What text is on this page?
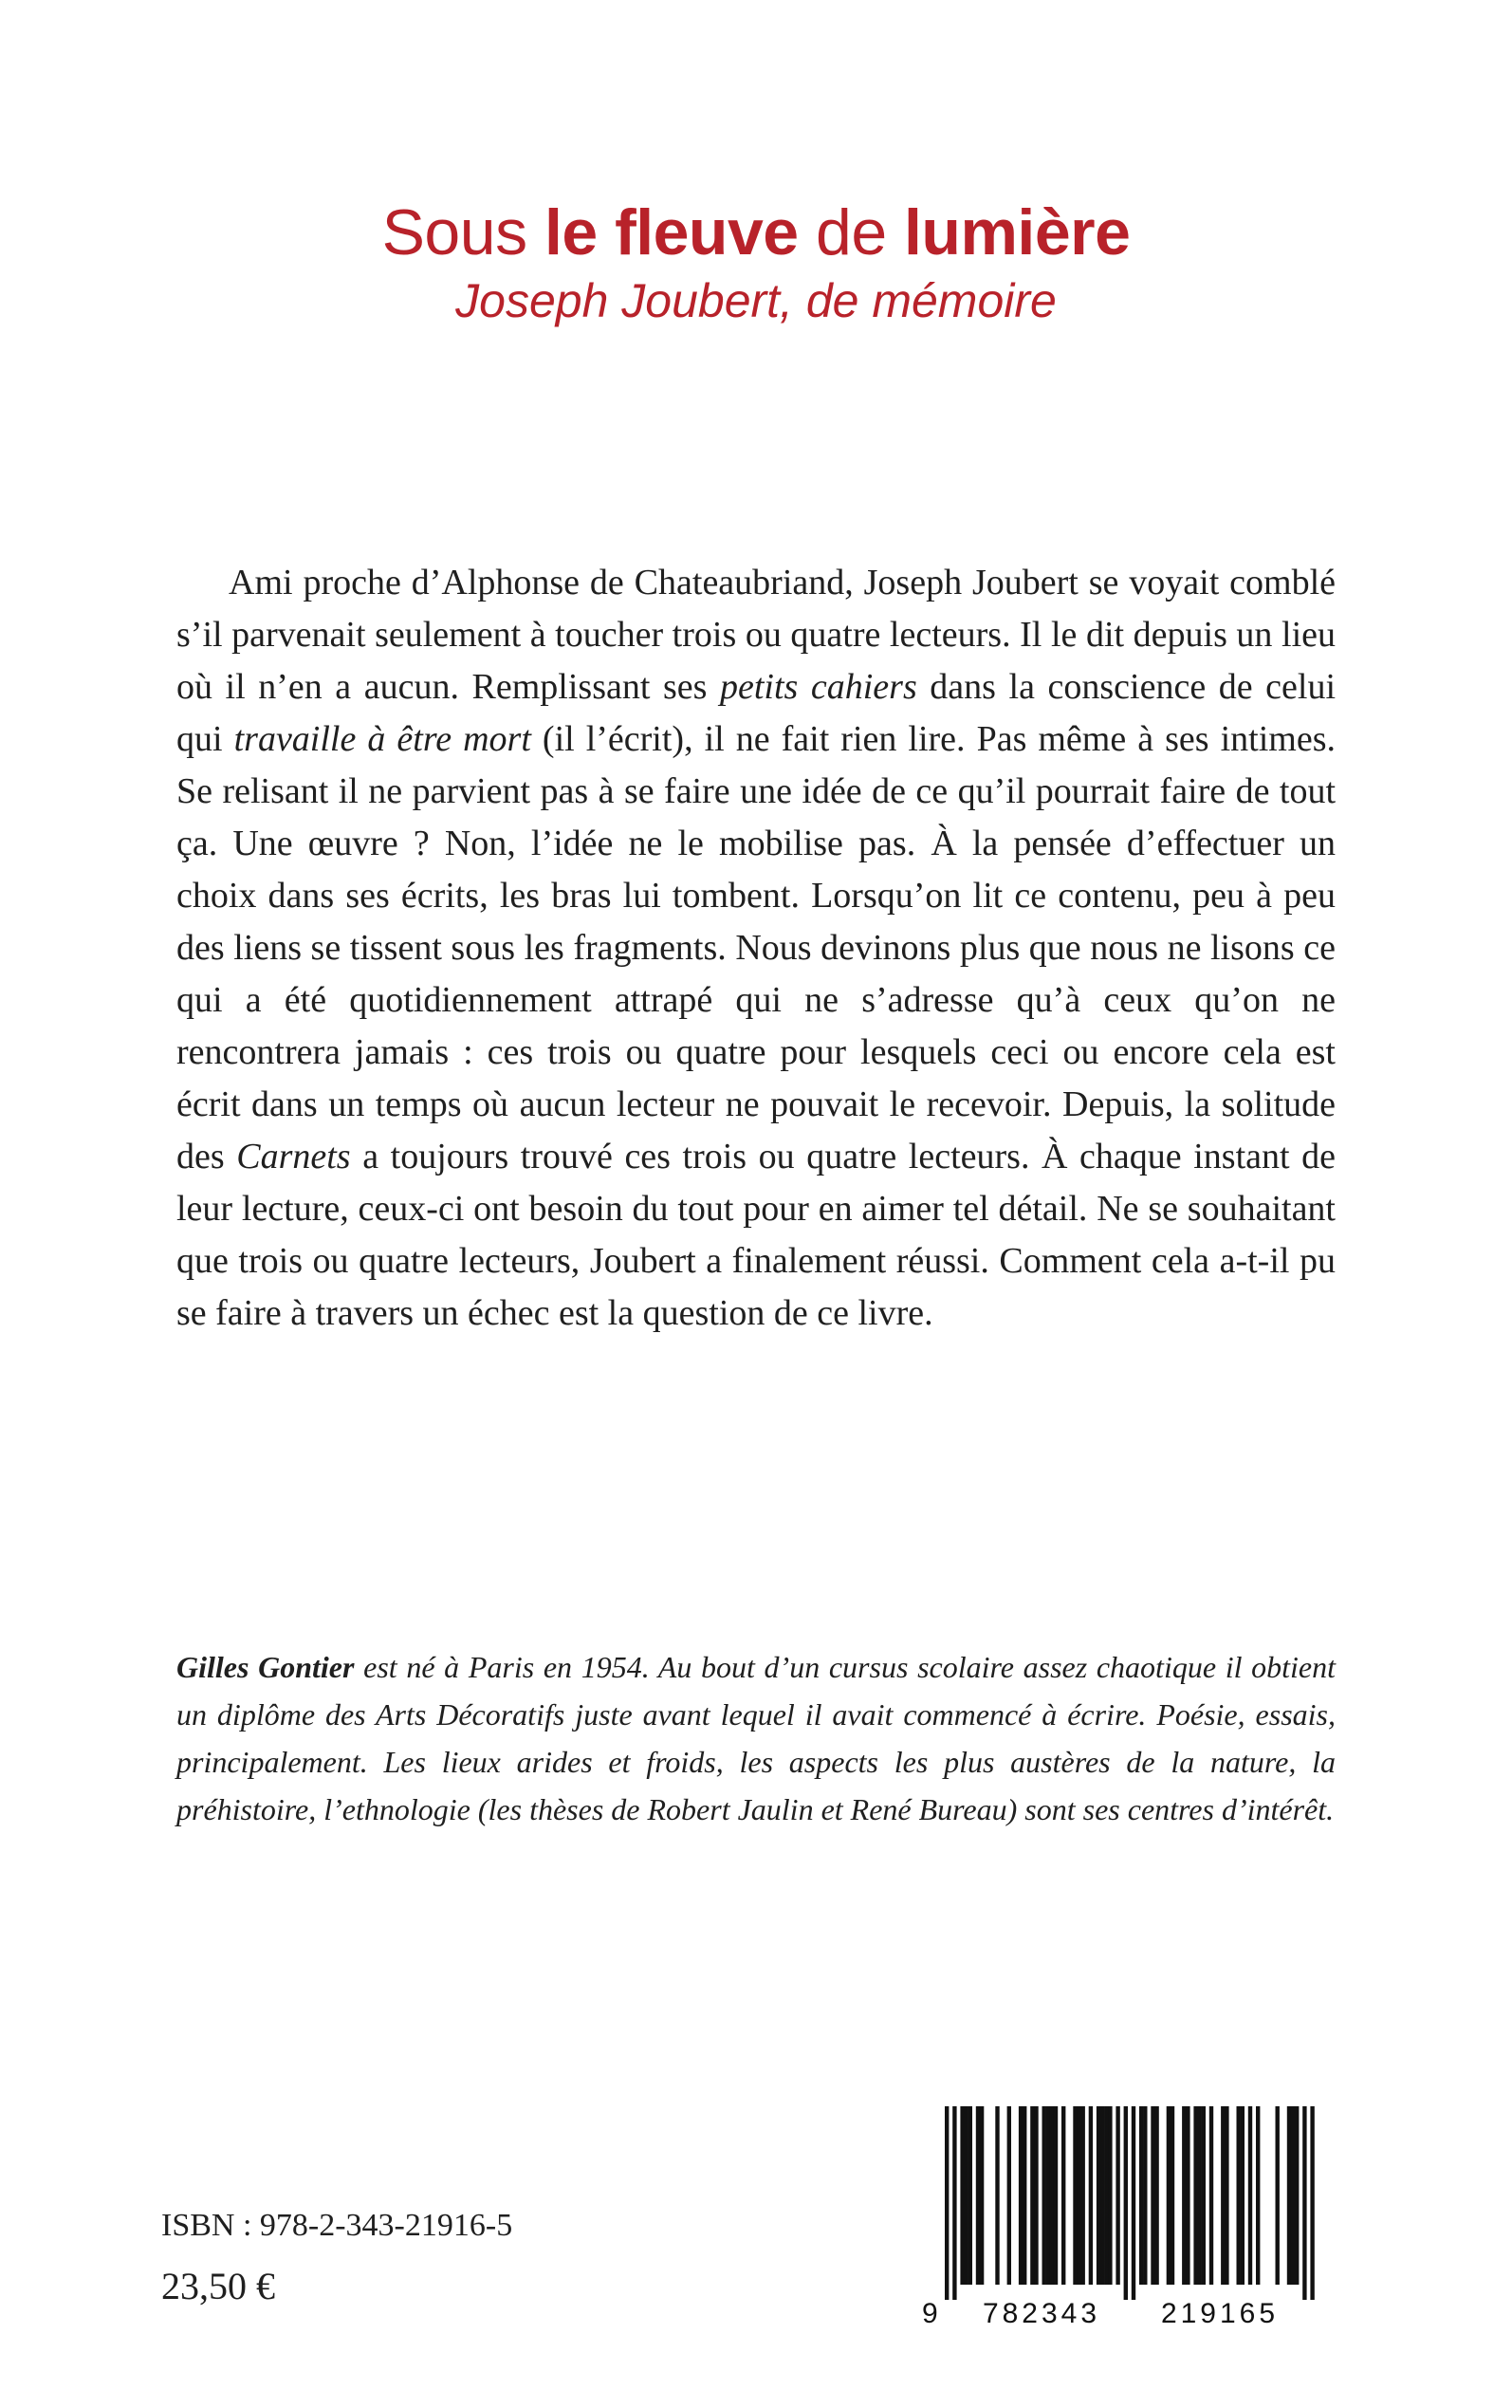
Sous le fleuve de lumière
Joseph Joubert, de mémoire

Ami proche d’Alphonse de Chateaubriand, Joseph Joubert se voyait comblé s’il parvenait seulement à toucher trois ou quatre lecteurs. Il le dit depuis un lieu où il n’en a aucun. Remplissant ses petits cahiers dans la conscience de celui qui travaille à être mort (il l’écrit), il ne fait rien lire. Pas même à ses intimes. Se relisant il ne parvient pas à se faire une idée de ce qu’il pourrait faire de tout ça. Une œuvre ? Non, l’idée ne le mobilise pas. À la pensée d’effectuer un choix dans ses écrits, les bras lui tombent. Lorsqu’on lit ce contenu, peu à peu des liens se tissent sous les fragments. Nous devinons plus que nous ne lisons ce qui a été quotidiennement attrapé qui ne s’adresse qu’à ceux qu’on ne rencontrera jamais : ces trois ou quatre pour lesquels ceci ou encore cela est écrit dans un temps où aucun lecteur ne pouvait le recevoir. Depuis, la solitude des Carnets a toujours trouvé ces trois ou quatre lecteurs. À chaque instant de leur lecture, ceux-ci ont besoin du tout pour en aimer tel détail. Ne se souhaitant que trois ou quatre lecteurs, Joubert a finalement réussi. Comment cela a-t-il pu se faire à travers un échec est la question de ce livre.

Gilles Gontier est né à Paris en 1954. Au bout d’un cursus scolaire assez chaotique il obtient un diplôme des Arts Décoratifs juste avant lequel il avait commencé à écrire. Poésie, essais, principalement. Les lieux arides et froids, les aspects les plus austères de la nature, la préhistoire, l’ethnologie (les thèses de Robert Jaulin et René Bureau) sont ses centres d’intérêt.

ISBN : 978-2-343-21916-5
23,50 €
9 782343 219165
